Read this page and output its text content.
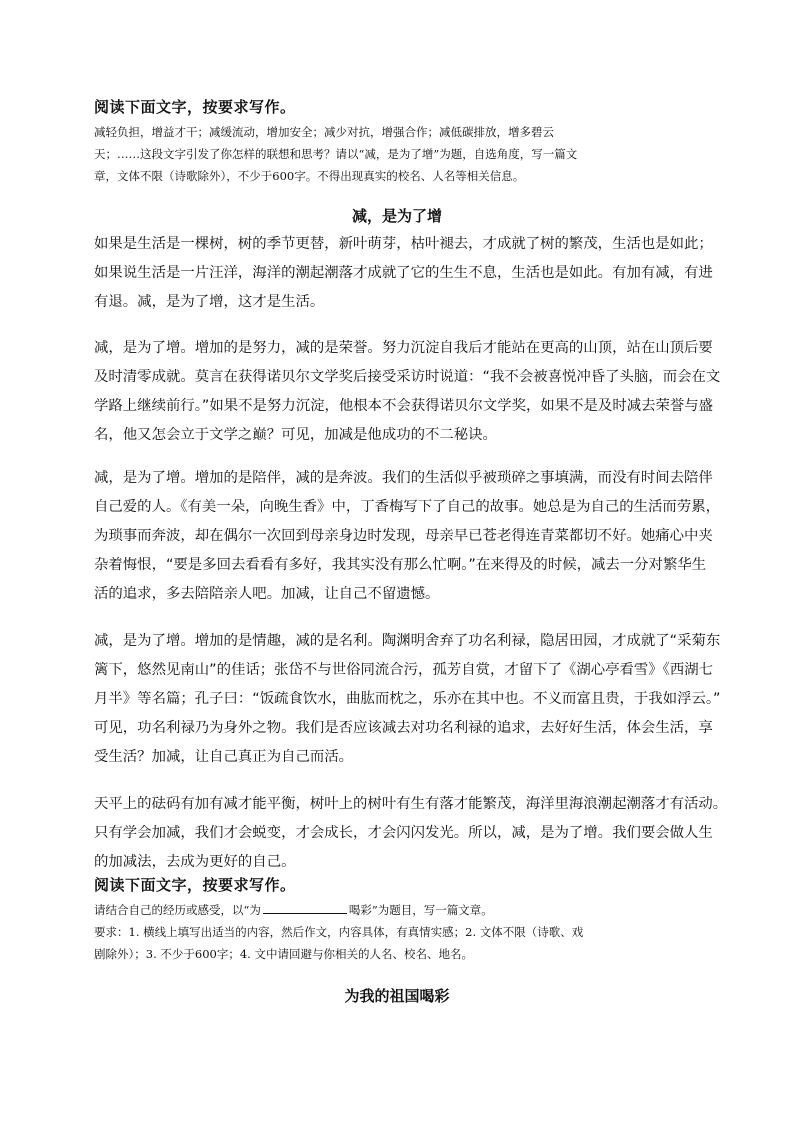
阅读下面文字，按要求写作。
减轻负担，增益才干；减缓流动，增加安全；减少对抗，增强合作；减低碳排放，增多碧云
天；……这段文字引发了你怎样的联想和思考？请以“减，是为了增”为题，自选角度，写一篇文
章，文体不限（诗歌除外），不少于600字。不得出现真实的校名、人名等相关信息。
减，是为了增
如果是生活是一棵树，树的季节更替，新叶萌芽，枯叶褪去，才成就了树的繁茂，生活也是如此；
如果说生活是一片汪洋，海洋的潮起潮落才成就了它的生生不息，生活也是如此。有加有减，有进
有退。减，是为了增，这才是生活。
减，是为了增。增加的是努力，减的是荣誉。努力沉淀自我后才能站在更高的山顶，站在山顶后要
及时清零成就。莫言在获得诺贝尔文学奖后接受采访时说道：“我不会被喜悦冲昏了头脑，而会在文
学路上继续前行。”如果不是努力沉淀，他根本不会获得诺贝尔文学奖，如果不是及时减去荣誉与盛
名，他又怎会立于文学之巅？可见，加减是他成功的不二秘诀。
减，是为了增。增加的是陪伴，减的是奔波。我们的生活似乎被琐碎之事填满，而没有时间去陪伴
自己爱的人。《有美一朵，向晚生香》中，丁香梅写下了自己的故事。她总是为自己的生活而劳累，
为琐事而奔波，却在偶尔一次回到母亲身边时发现，母亲早已苍老得连青菜都切不好。她痛心中夹
杂着悔恨，“要是多回去看看有多好，我其实没有那么忙啊。”在来得及的时候，减去一分对繁华生
活的追求，多去陪陪亲人吧。加减，让自己不留遗憾。
减，是为了增。增加的是情趣，减的是名利。陶渊明舍弃了功名利禄，隐居田园，才成就了“采菊东
篱下，悠然见南山”的佳话；张岱不与世俗同流合污，孤芳自赏，才留下了《湖心亭看雪》《西湖七
月半》等名篇；孔子曰：“饭疏食饮水，曲肱而枕之，乐亦在其中也。不义而富且贵，于我如浮云。”
可见，功名利禄乃为身外之物。我们是否应该减去对功名利禄的追求，去好好生活，体会生活，享
受生活？加减，让自己真正为自己而活。
天平上的砝码有加有减才能平衡，树叶上的树叶有生有落才能繁茂，海洋里海浪潮起潮落才有活动。
只有学会加减，我们才会蜕变，才会成长，才会闪闪发光。所以，减，是为了增。我们要会做人生
的加减法，去成为更好的自己。
阅读下面文字，按要求写作。
请结合自己的经历或感受，以“为	喝彩”为题目，写一篇文章。
要求：1. 横线上填写出适当的内容，然后作文，内容具体，有真情实感；2. 文体不限（诗歌、戏
剧除外）；3. 不少于600字；4. 文中请回避与你相关的人名、校名、地名。
为我的祖国喝彩
